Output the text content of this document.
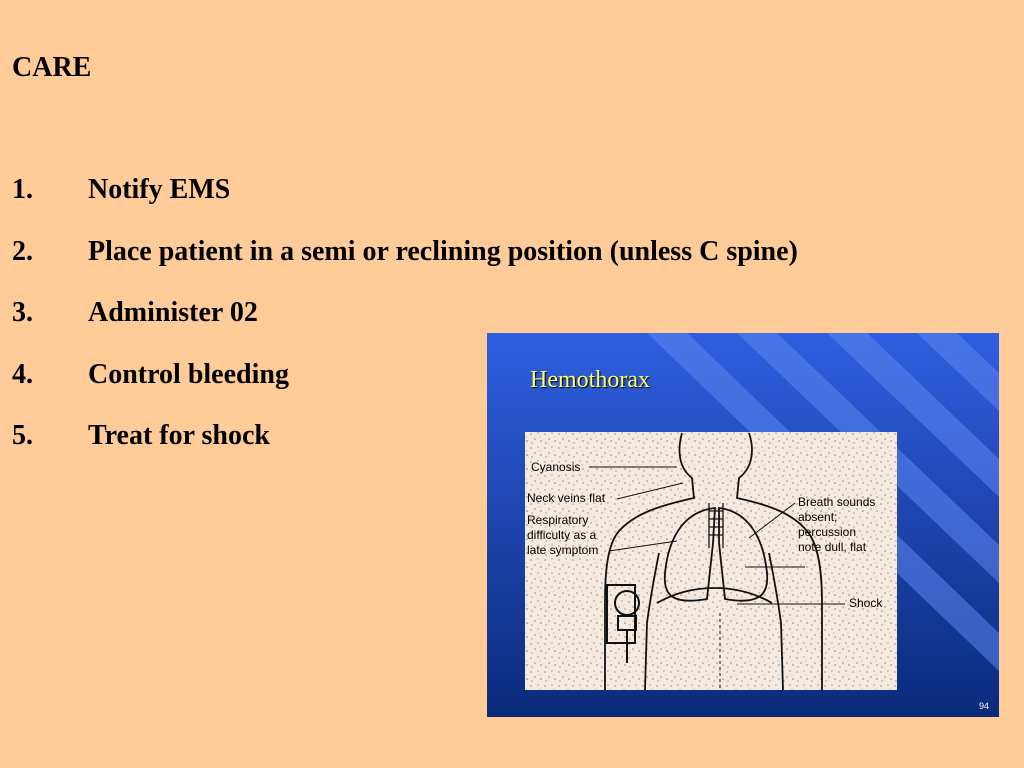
CARE
1. Notify EMS
2. Place patient in a semi or reclining position (unless C spine)
3. Administer 02
4. Control bleeding
5. Treat for shock
Hemothorax
Cyanosis
Neck veins flat
Respiratory
difficulty as a
late symptom
Breath sounds
absent;
percussion
note dull, flat
Shock
94
